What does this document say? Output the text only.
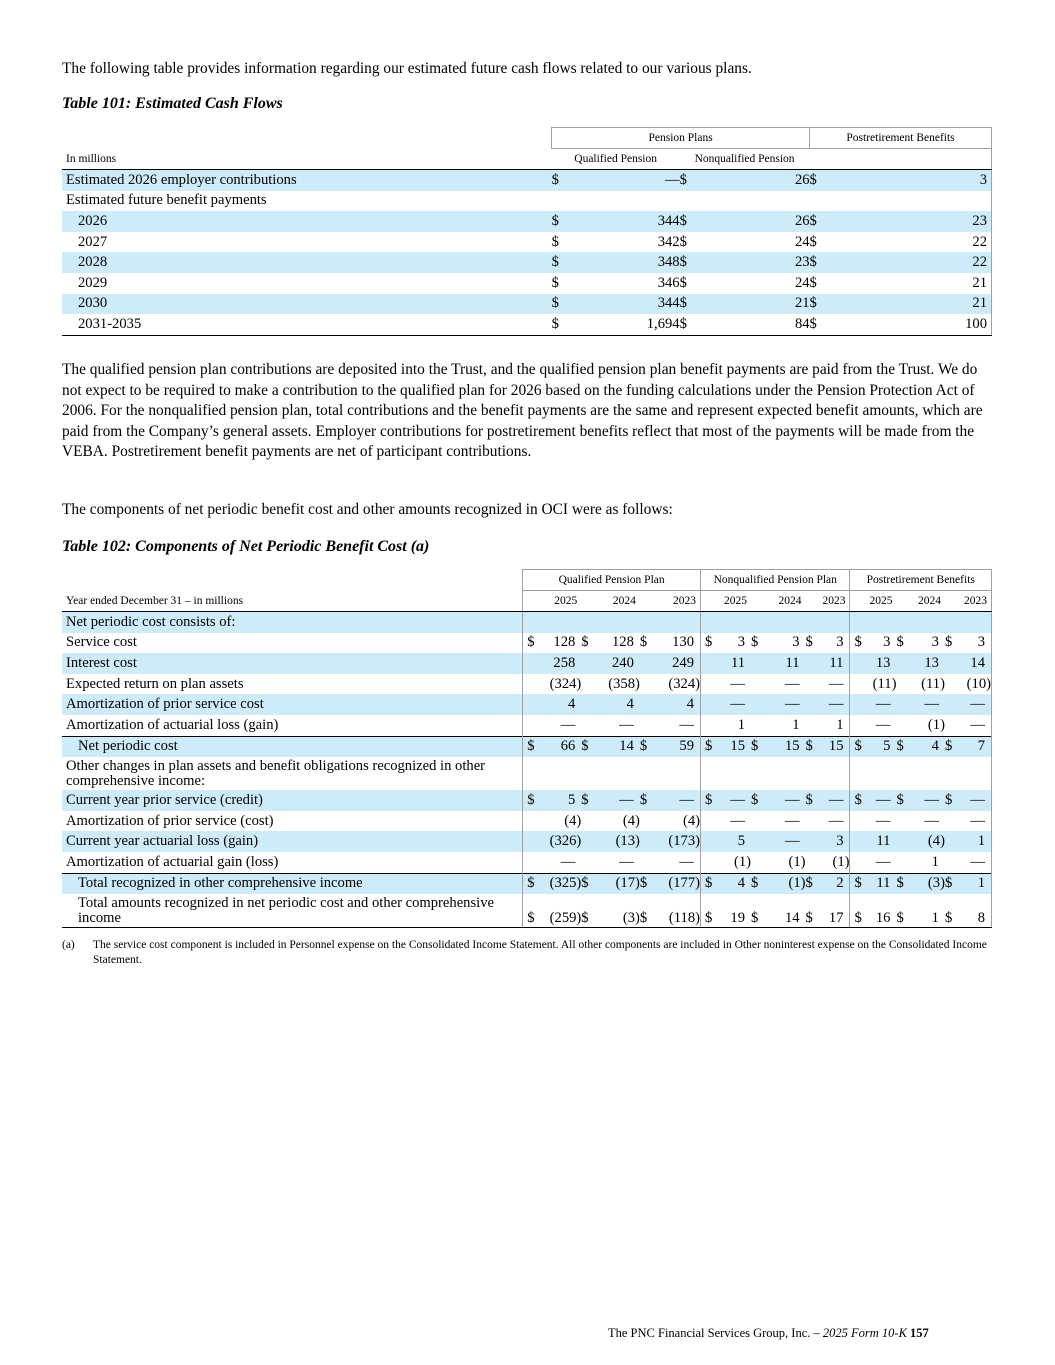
The following table provides information regarding our estimated future cash flows related to our various plans.

Table 101: Estimated Cash Flows

	Pension Plans				Postretirement Benefits	
In millions	Qualified Pension		Nonqualified Pension			
Estimated 2026 employer contributions	$	—	$	26	$	3
Estimated future benefit payments						
2026	$	344	$	26	$	23
2027	$	342	$	24	$	22
2028	$	348	$	23	$	22
2029	$	346	$	24	$	21
2030	$	344	$	21	$	21
2031-2035	$	1,694	$	84	$	100

The qualified pension plan contributions are deposited into the Trust, and the qualified pension plan benefit payments are paid from the Trust. We do not expect to be required to make a contribution to the qualified plan for 2026 based on the funding calculations under the Pension Protection Act of 2006. For the nonqualified pension plan, total contributions and the benefit payments are the same and represent expected benefit amounts, which are paid from the Company’s general assets. Employer contributions for postretirement benefits reflect that most of the payments will be made from the VEBA. Postretirement benefit payments are net of participant contributions.

The components of net periodic benefit cost and other amounts recognized in OCI were as follows:

Table 102: Components of Net Periodic Benefit Cost (a)

	Qualified Pension Plan						Nonqualified Pension Plan						Postretirement Benefits					
Year ended December 31 – in millions	2025		2024		2023		2025		2024		2023		2025		2024		2023	
Net periodic cost consists of:																		
Service cost	$	128	$	128	$	130	$	3	$	3	$	3	$	3	$	3	$	3
Interest cost		258		240		249		11		11		11		13		13		14
Expected return on plan assets		(324)		(358)		(324)		—		—		—		(11)		(11)		(10)
Amortization of prior service cost		4		4		4		—		—		—		—		—		—
Amortization of actuarial loss (gain)		—		—		—		1		1		1		—		(1)		—
Net periodic cost	$	66	$	14	$	59	$	15	$	15	$	15	$	5	$	4	$	7
Other changes in plan assets and benefit obligations recognized in other comprehensive income:																		
Current year prior service (credit)	$	5	$	—	$	—	$	—	$	—	$	—	$	—	$	—	$	—
Amortization of prior service (cost)		(4)		(4)		(4)		—		—		—		—		—		—
Current year actuarial loss (gain)		(326)		(13)		(173)		5		—		3		11		(4)		1
Amortization of actuarial gain (loss)		—		—		—		(1)		(1)		(1)		—		1		—
Total recognized in other comprehensive income	$	(325)	$	(17)	$	(177)	$	4	$	(1)	$	2	$	11	$	(3)	$	1
Total amounts recognized in net periodic cost and other comprehensive income	$	(259)	$	(3)	$	(118)	$	19	$	14	$	17	$	16	$	1	$	8
(a) The service cost component is included in Personnel expense on the Consolidated Income Statement. All other components are included in Other noninterest expense on the Consolidated Income Statement.
The PNC Financial Services Group, Inc. – 2025 Form 10-K 157
